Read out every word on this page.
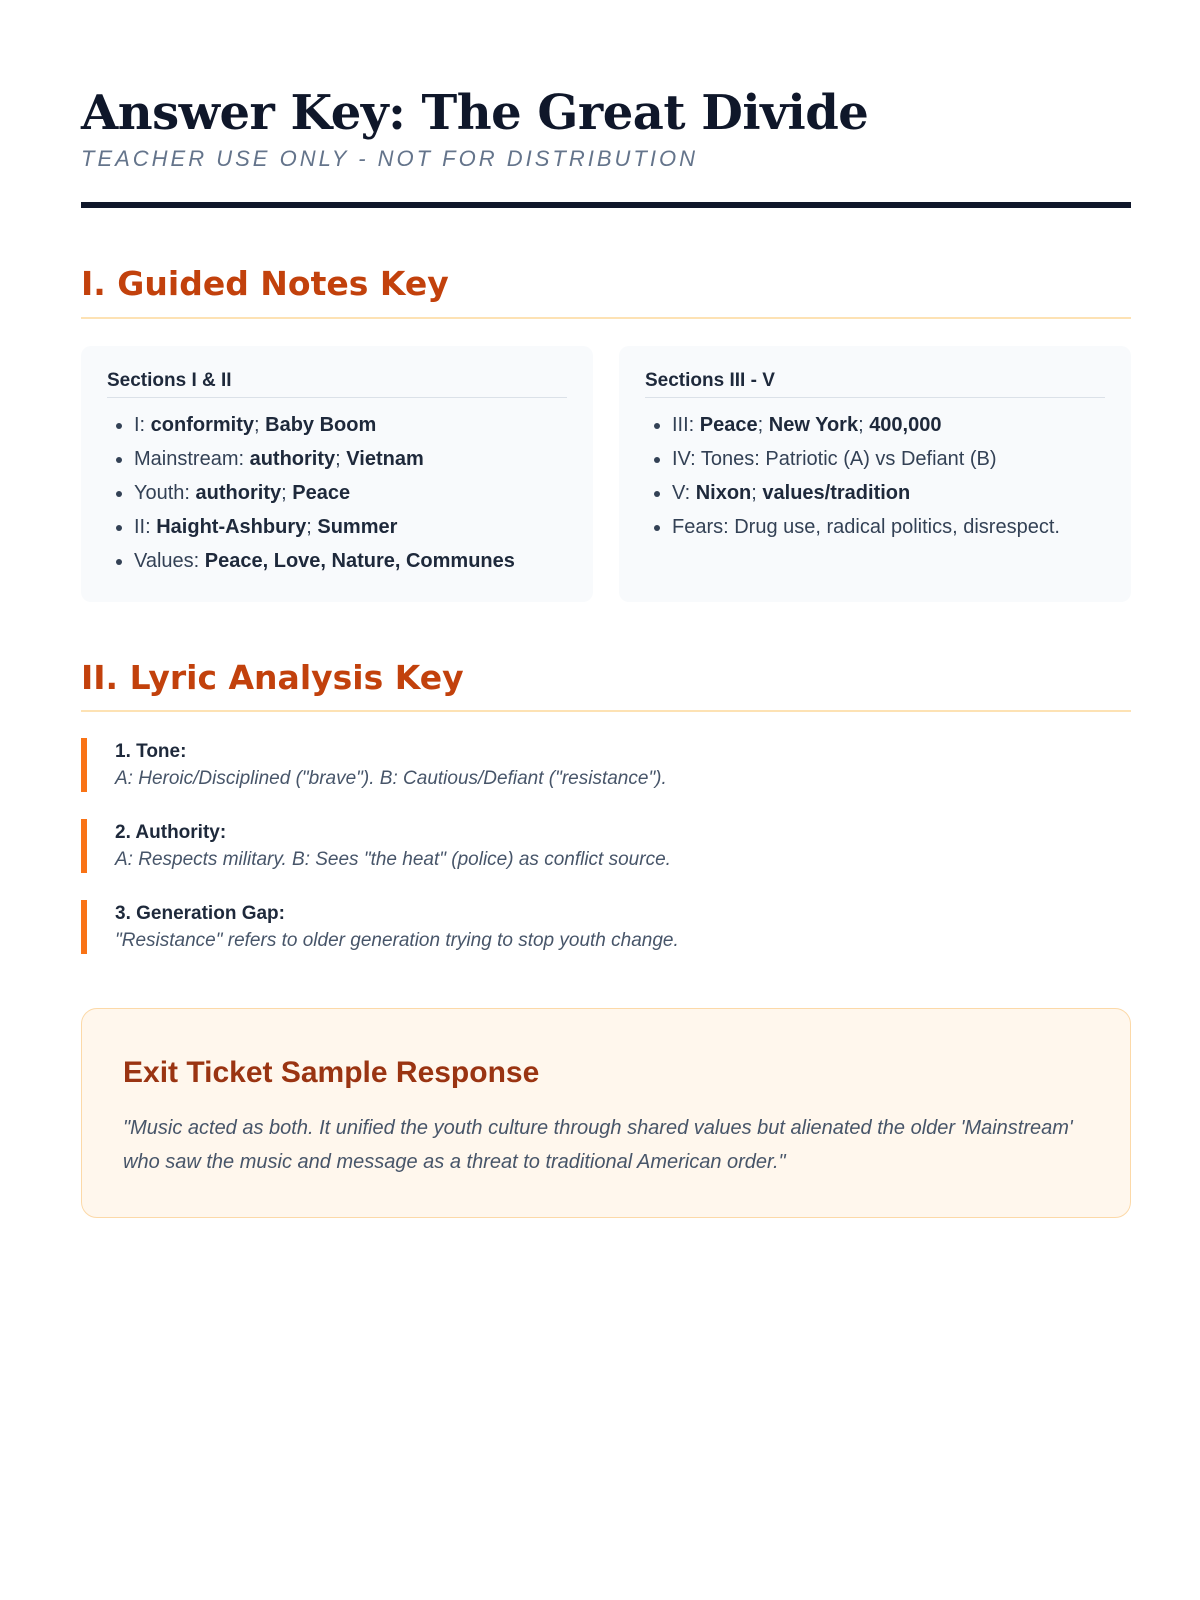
Answer Key: The Great Divide

TEACHER USE ONLY - NOT FOR DISTRIBUTION

I. Guided Notes Key
Sections I & II
• I: conformity; Baby Boom
• Mainstream: authority; Vietnam
• Youth: authority; Peace
• II: Haight-Ashbury; Summer
• Values: Peace, Love, Nature, Communes
Sections III - V
• III: Peace; New York; 400,000
• IV: Tones: Patriotic (A) vs Defiant (B)
• V: Nixon; values/tradition
• Fears: Drug use, radical politics, disrespect.
II. Lyric Analysis Key
1. Tone:
A: Heroic/Disciplined ("brave"). B: Cautious/Defiant ("resistance").
2. Authority:
A: Respects military. B: Sees "the heat" (police) as conflict source.
3. Generation Gap:
"Resistance" refers to older generation trying to stop youth change.
Exit Ticket Sample Response

"Music acted as both. It unified the youth culture through shared values but alienated the older 'Mainstream' who saw the music and message as a threat to traditional American order."
